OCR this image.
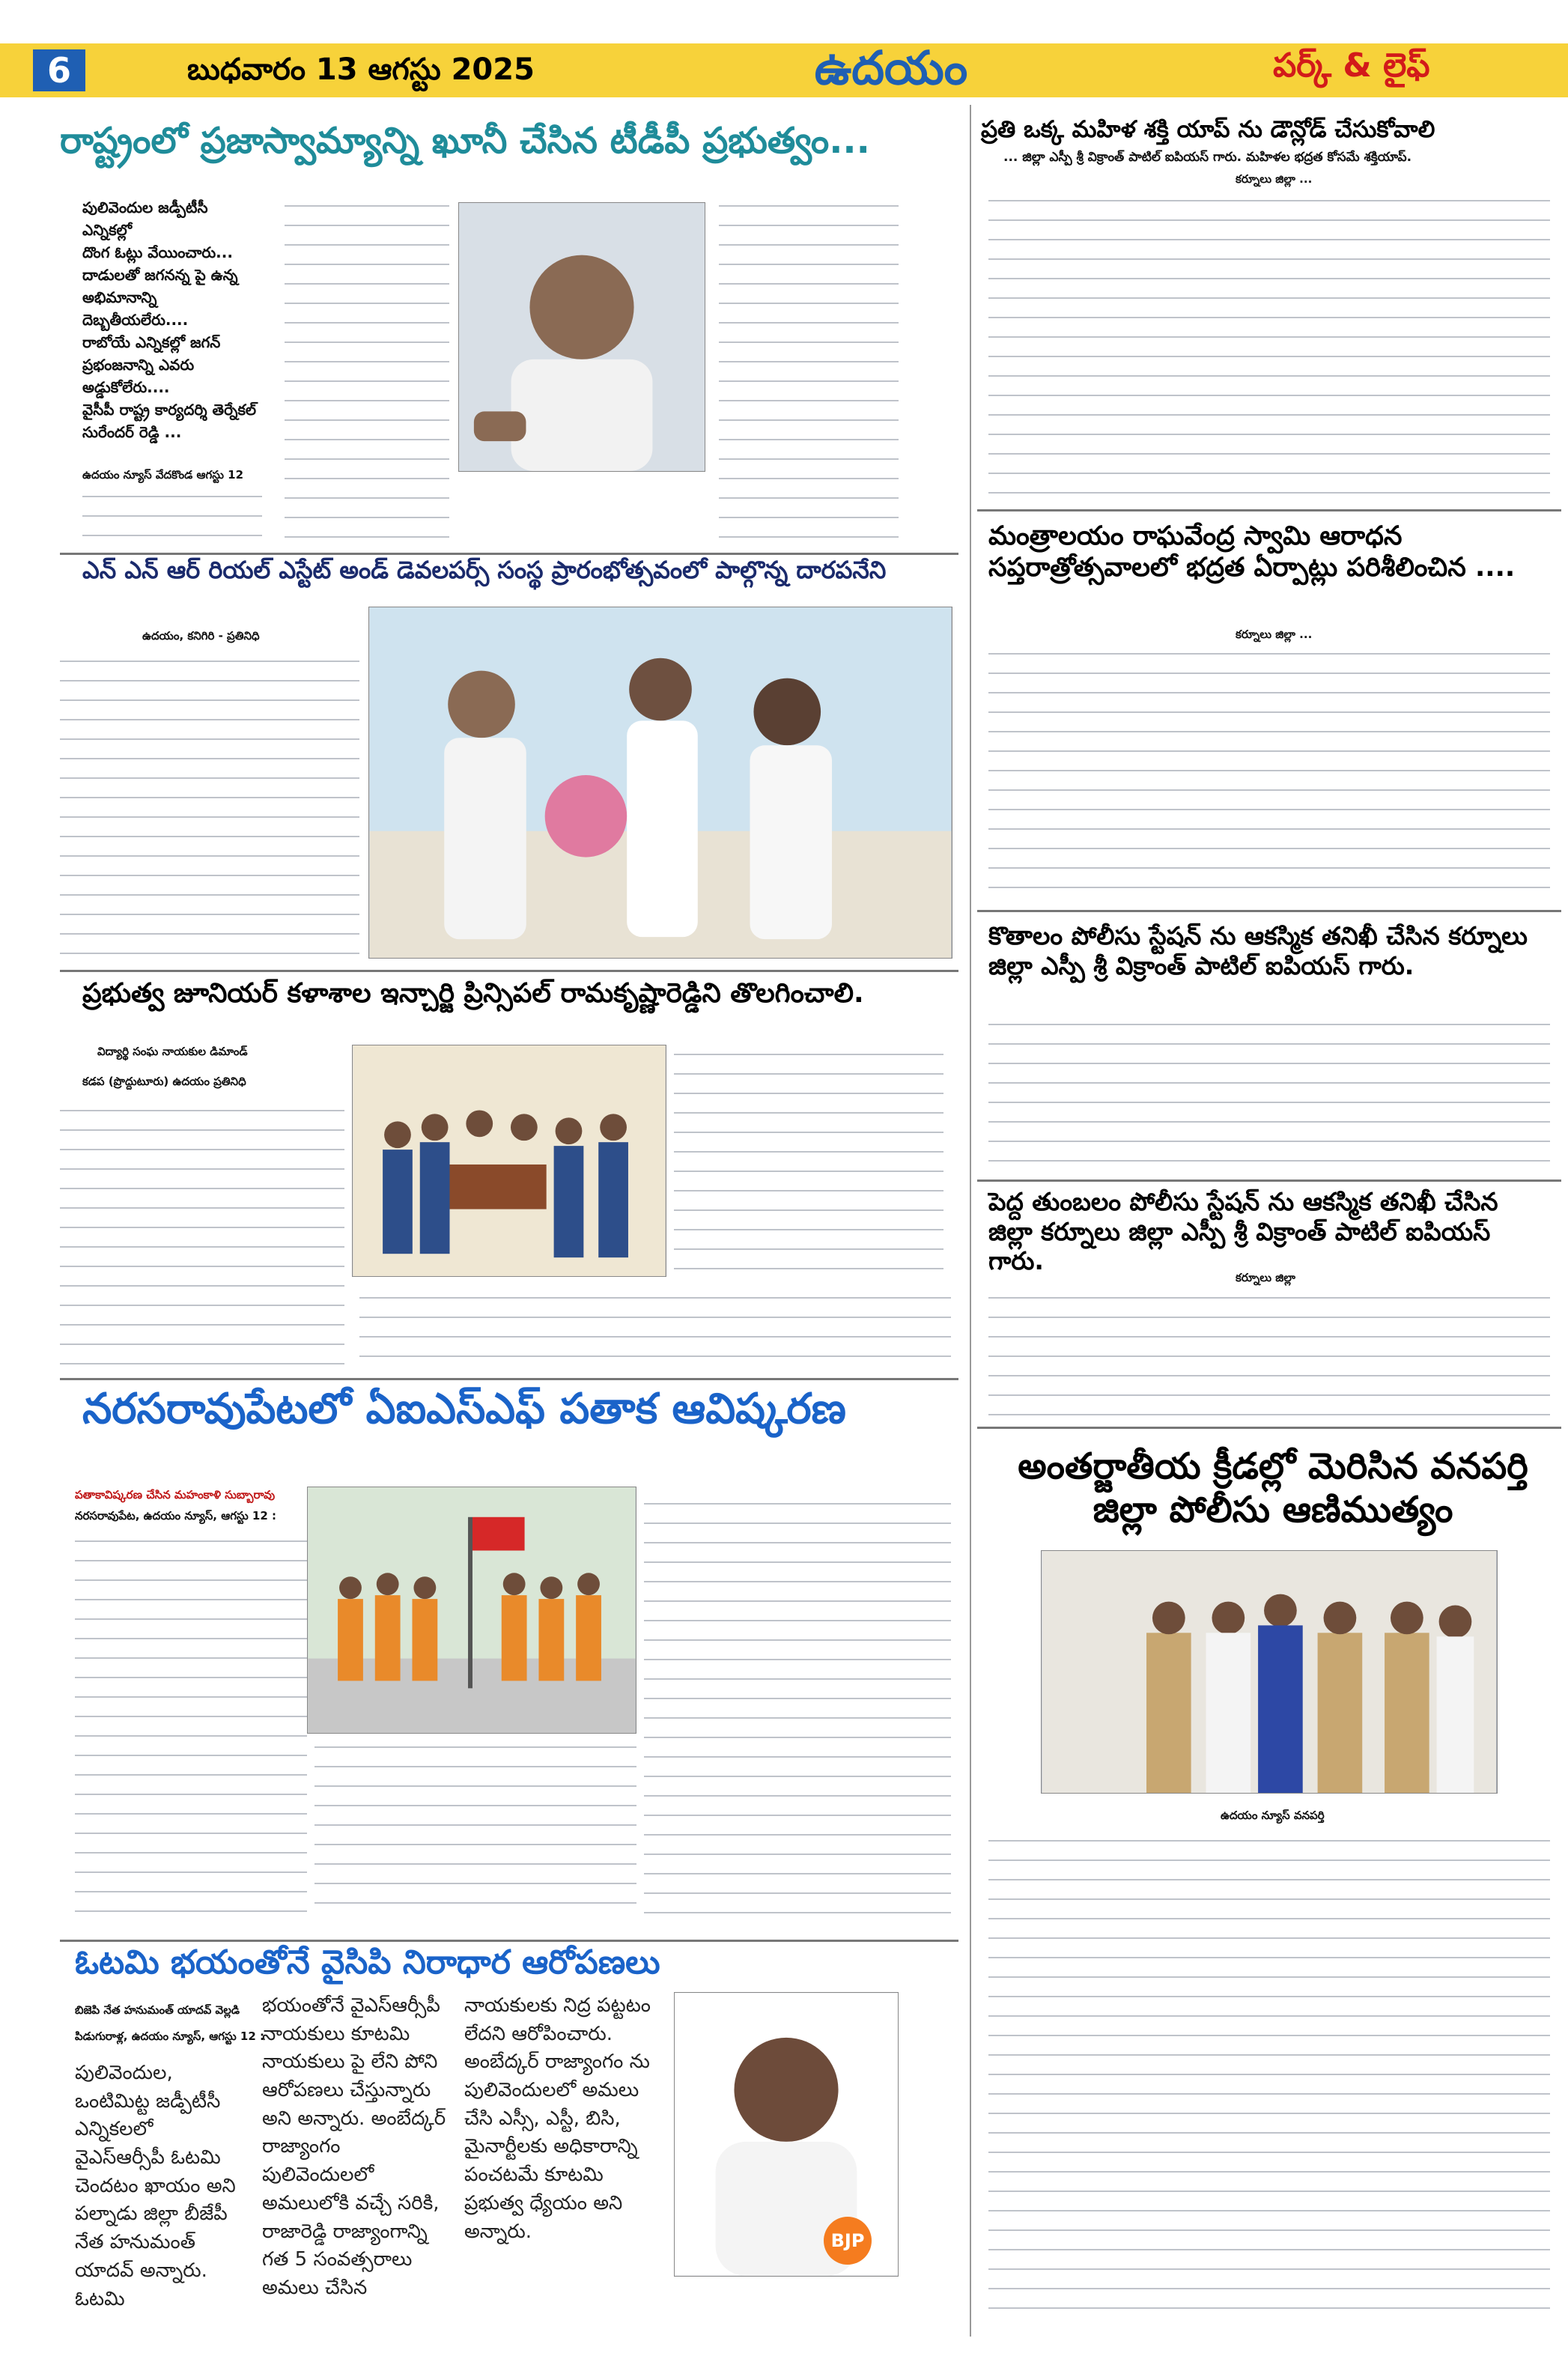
6	బుధవారం 13 ఆగస్టు 2025	ఉదయం	పర్క్ & లైఫ్
రాష్ట్రంలో ప్రజాస్వామ్యాన్ని ఖూనీ చేసిన టీడీపీ ప్రభుత్వం...
పులివెందుల జడ్పీటీసీ ఎన్నికల్లో
దొంగ ఓట్లు వేయించారు...
దాడులతో జగనన్న పై ఉన్న
అభిమానాన్ని దెబ్బతీయలేరు....
రాబోయే ఎన్నికల్లో జగన్
ప్రభంజనాన్ని ఎవరు అడ్డుకోలేరు....
వైసీపీ రాష్ట్ర కార్యదర్శి తెర్నేకల్
సురేందర్ రెడ్డి ...
ఉదయం న్యూస్ వేదకొండ ఆగస్టు 12
ఎన్ ఎన్ ఆర్ రియల్ ఎస్టేట్ అండ్ డెవలపర్స్ సంస్థ ప్రారంభోత్సవంలో పాల్గొన్న దారపనేని
ఉదయం, కనిగిరి - ప్రతినిధి
ప్రభుత్వ జూనియర్ కళాశాల ఇన్చార్జి ప్రిన్సిపల్ రామకృష్ణారెడ్డిని తొలగించాలి.
విద్యార్థి సంఘ నాయకుల డిమాండ్
కడప (ప్రొద్దుటూరు) ఉదయం ప్రతినిధి
నరసరావుపేటలో ఏఐఎస్ఎఫ్ పతాక ఆవిష్కరణ
పతాకావిష్కరణ చేసిన మహంకాళి సుబ్బారావు
నరసరావుపేట, ఉదయం న్యూస్, ఆగస్టు 12 :
ఓటమి భయంతోనే వైసిపి నిరాధార ఆరోపణలు
బిజెపి నేత హనుమంత్ యాదవ్ వెల్లడి
పిడుగురాళ్ల, ఉదయం న్యూస్, ఆగస్టు 12 :
పులివెందుల, ఒంటిమిట్ట జడ్పీటీసీ ఎన్నికలలో వైఎస్ఆర్సీపీ ఓటమి చెందటం ఖాయం అని పల్నాడు జిల్లా బీజేపీ నేత హనుమంత్ యాదవ్ అన్నారు. ఓటమి
భయంతోనే వైఎస్ఆర్సీపీ నాయకులు కూటమి నాయకులు పై లేని పోని ఆరోపణలు చేస్తున్నారు అని అన్నారు. అంబేద్కర్ రాజ్యాంగం పులివెందులలో అమలులోకి వచ్చే సరికి, రాజారెడ్డి రాజ్యాంగాన్ని గత 5 సంవత్సరాలు అమలు చేసిన
నాయకులకు నిద్ర పట్టటం లేదని ఆరోపించారు. అంబేద్కర్ రాజ్యాంగం ను పులివెందులలో అమలు చేసి ఎస్సీ, ఎస్టీ, బిసి, మైనార్టీలకు అధికారాన్ని పంచటమే కూటమి ప్రభుత్వ ధ్యేయం అని అన్నారు.	BJP
ప్రతి ఒక్క మహిళ శక్తి యాప్ ను డౌన్లోడ్ చేసుకోవాలి
... జిల్లా ఎస్పీ శ్రీ విక్రాంత్ పాటిల్ ఐపియస్ గారు. మహిళల భద్రత కోసమే శక్తియాప్.
కర్నూలు జిల్లా ...
మంత్రాలయం రాఘవేంద్ర స్వామి ఆరాధన సప్తరాత్రోత్సవాలలో భద్రత ఏర్పాట్లు పరిశీలించిన ....
కర్నూలు జిల్లా ...
కొతాలం పోలీసు స్టేషన్ ను ఆకస్మిక తనిఖీ చేసిన కర్నూలు జిల్లా ఎస్పీ శ్రీ విక్రాంత్ పాటిల్ ఐపియస్ గారు.
పెద్ద తుంబలం పోలీసు స్టేషన్ ను ఆకస్మిక తనిఖీ చేసిన జిల్లా కర్నూలు జిల్లా ఎస్పీ శ్రీ విక్రాంత్ పాటిల్ ఐపియస్ గారు.
కర్నూలు జిల్లా
అంతర్జాతీయ క్రీడల్లో మెరిసిన వనపర్తి జిల్లా పోలీసు ఆణిముత్యం
ఉదయం న్యూస్ వనపర్తి
